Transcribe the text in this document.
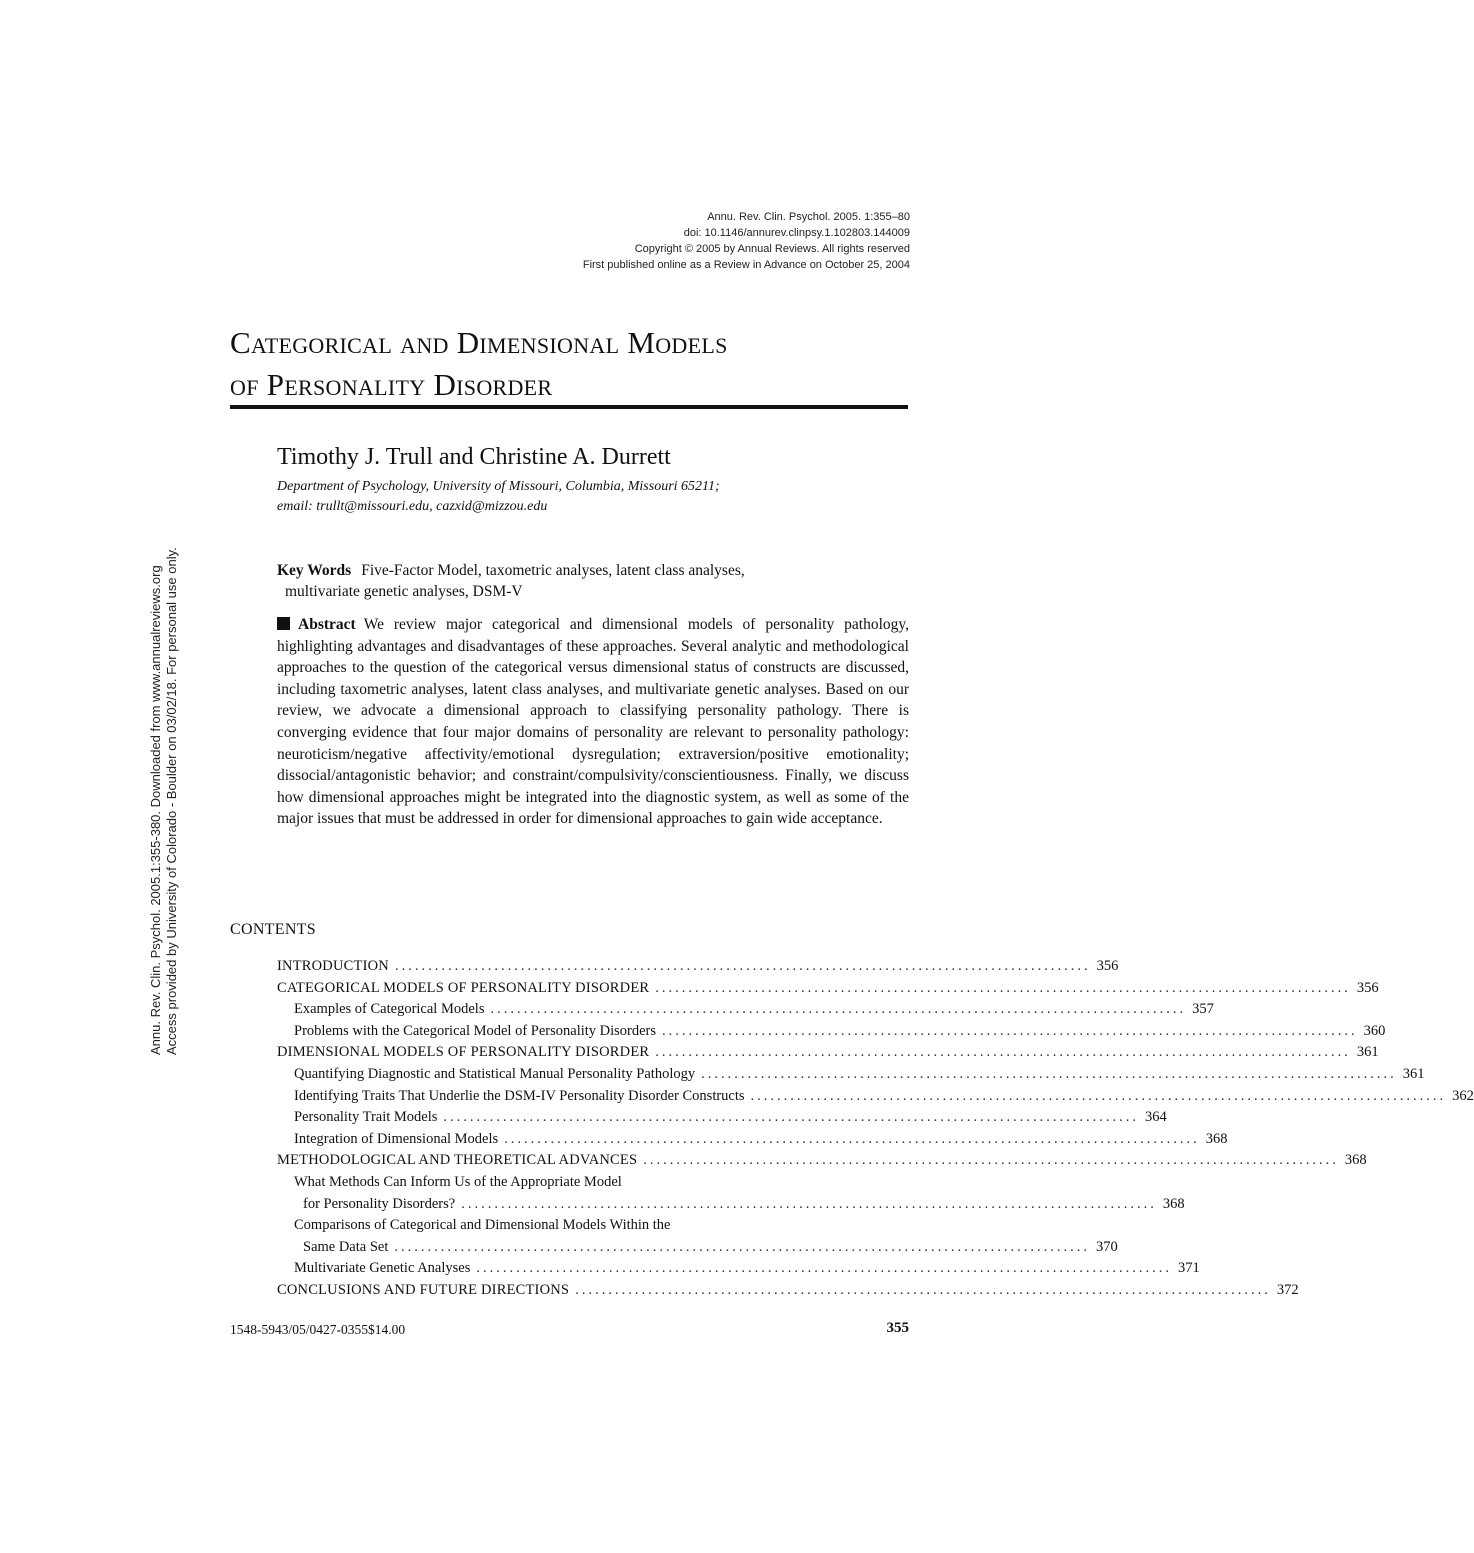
Annu. Rev. Clin. Psychol. 2005.1:355-380. Downloaded from www.annualreviews.org Access provided by University of Colorado - Boulder on 03/02/18. For personal use only.
Annu. Rev. Clin. Psychol. 2005. 1:355–80
doi: 10.1146/annurev.clinpsy.1.102803.144009
Copyright © 2005 by Annual Reviews. All rights reserved
First published online as a Review in Advance on October 25, 2004
Categorical and Dimensional Models
of Personality Disorder
Timothy J. Trull and Christine A. Durrett
Department of Psychology, University of Missouri, Columbia, Missouri 65211;
email: trullt@missouri.edu, cazxid@mizzou.edu
Key Words Five-Factor Model, taxometric analyses, latent class analyses,
multivariate genetic analyses, DSM-V
Abstract We review major categorical and dimensional models of personality pathology, highlighting advantages and disadvantages of these approaches. Several analytic and methodological approaches to the question of the categorical versus dimensional status of constructs are discussed, including taxometric analyses, latent class analyses, and multivariate genetic analyses. Based on our review, we advocate a dimensional approach to classifying personality pathology. There is converging evidence that four major domains of personality are relevant to personality pathology: neuroticism/negative affectivity/emotional dysregulation; extraversion/positive emotionality; dissocial/antagonistic behavior; and constraint/compulsivity/conscientiousness. Finally, we discuss how dimensional approaches might be integrated into the diagnostic system, as well as some of the major issues that must be addressed in order for dimensional approaches to gain wide acceptance.
CONTENTS
INTRODUCTION ......................................................................................................... 356
CATEGORICAL MODELS OF PERSONALITY DISORDER ......................................................................................................... 356
Examples of Categorical Models ......................................................................................................... 357
Problems with the Categorical Model of Personality Disorders ......................................................................................................... 360
DIMENSIONAL MODELS OF PERSONALITY DISORDER ......................................................................................................... 361
Quantifying Diagnostic and Statistical Manual Personality Pathology ......................................................................................................... 361
Identifying Traits That Underlie the DSM-IV Personality Disorder Constructs ......................................................................................................... 362
Personality Trait Models ......................................................................................................... 364
Integration of Dimensional Models ......................................................................................................... 368
METHODOLOGICAL AND THEORETICAL ADVANCES ......................................................................................................... 368
What Methods Can Inform Us of the Appropriate Model
for Personality Disorders? ......................................................................................................... 368
Comparisons of Categorical and Dimensional Models Within the
Same Data Set ......................................................................................................... 370
Multivariate Genetic Analyses ......................................................................................................... 371
CONCLUSIONS AND FUTURE DIRECTIONS ......................................................................................................... 372
1548-5943/05/0427-0355$14.00	355
